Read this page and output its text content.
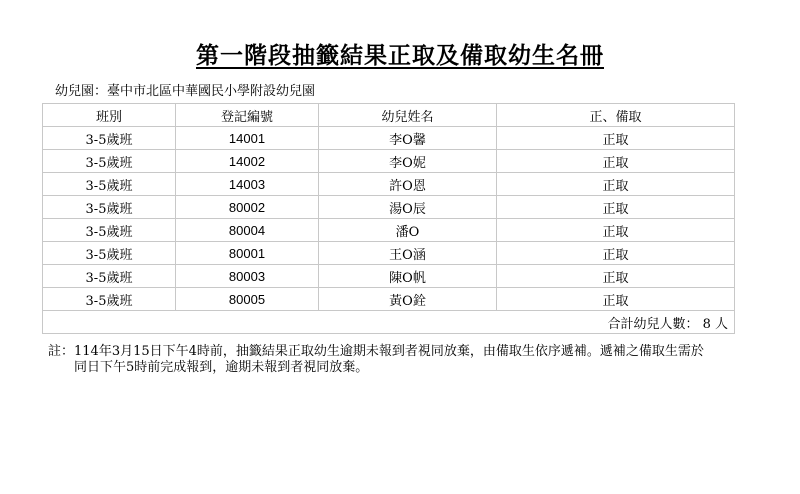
第一階段抽籤結果正取及備取幼生名冊
幼兒園：臺中市北區中華國民小學附設幼兒園
班別	登記編號	幼兒姓名	正、備取
3-5歲班	14001	李O馨	正取
3-5歲班	14002	李O妮	正取
3-5歲班	14003	許O恩	正取
3-5歲班	80002	湯O辰	正取
3-5歲班	80004	潘O	正取
3-5歲班	80001	王O涵	正取
3-5歲班	80003	陳O帆	正取
3-5歲班	80005	黃O銓	正取
合計幼兒人數： 8 人			
註：114年3月15日下午4時前，抽籤結果正取幼生逾期未報到者視同放棄，由備取生依序遞補。遞補之備取生需於
同日下午5時前完成報到，逾期未報到者視同放棄。
